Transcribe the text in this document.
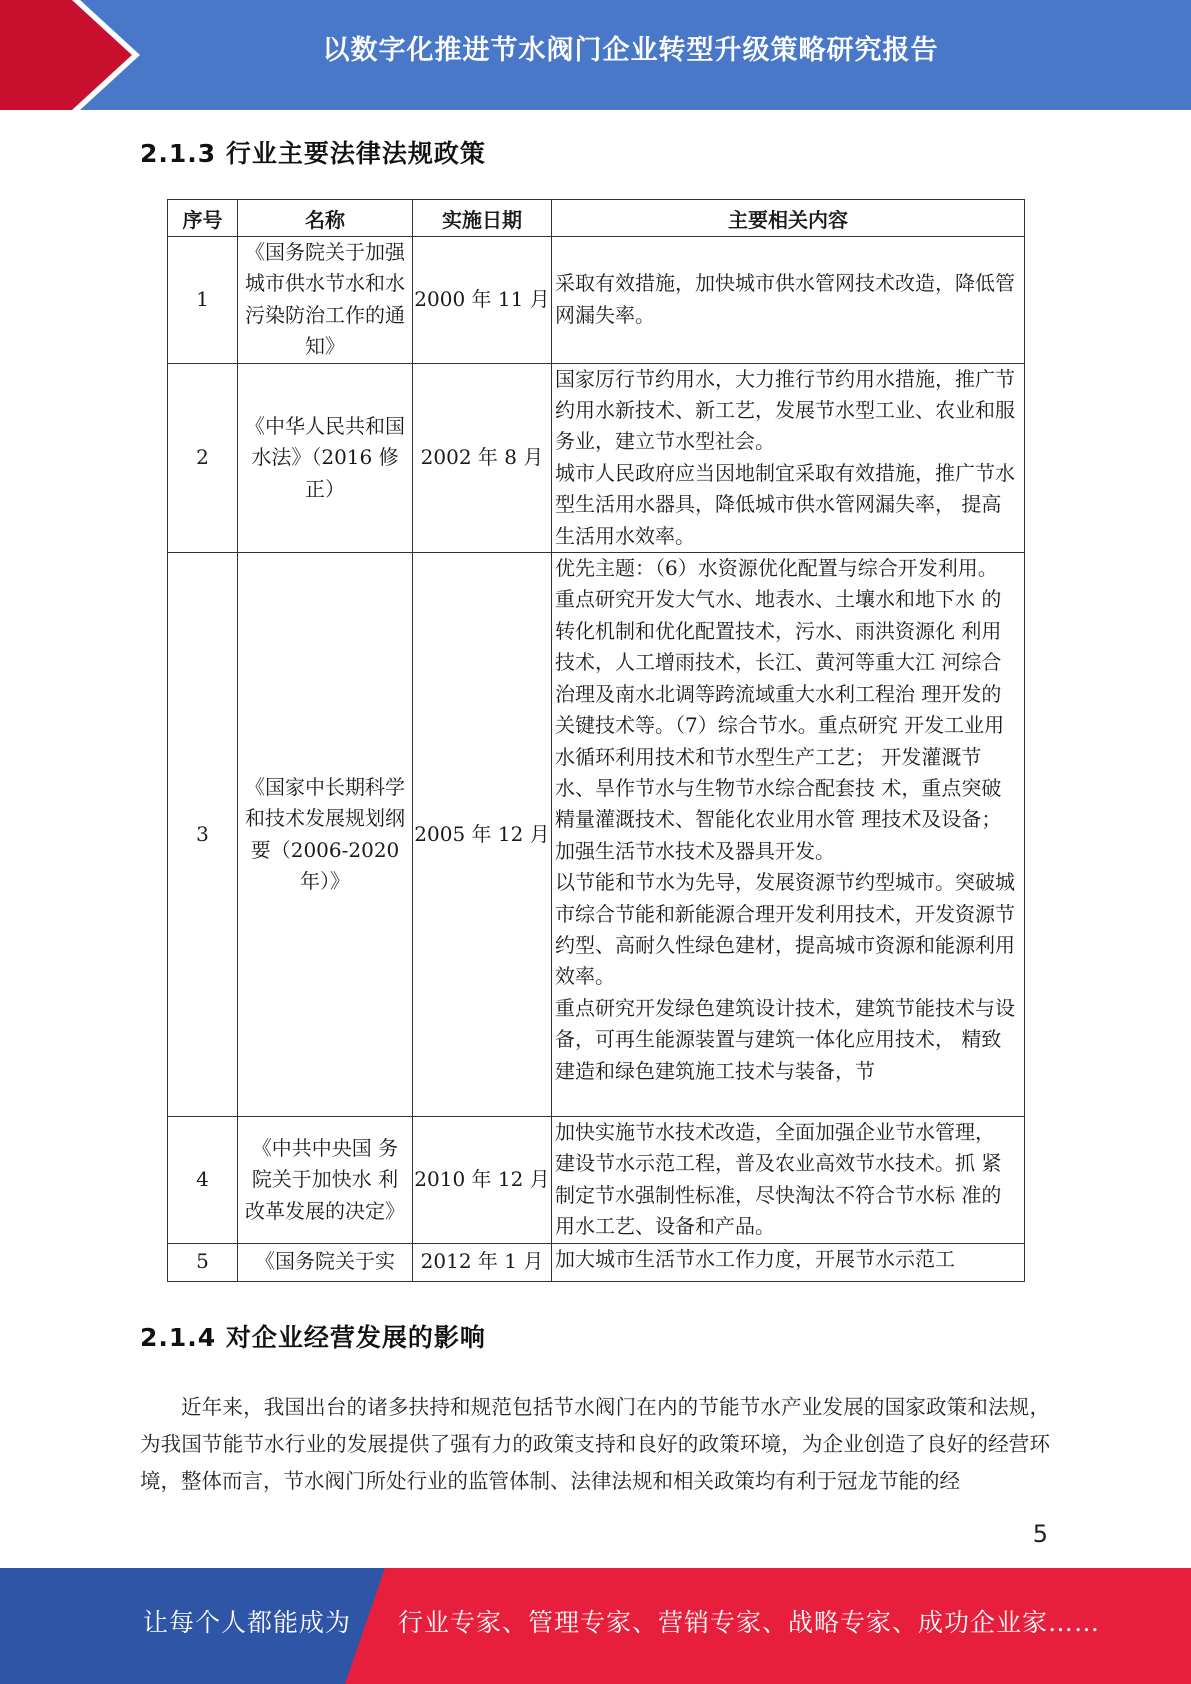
以数字化推进节水阀门企业转型升级策略研究报告
2.1.3 行业主要法律法规政策
序号	名称	实施日期	主要相关内容
1	《国务院关于加强城市供水节水和水污染防治工作的通知》	2000 年 11 月	采取有效措施，加快城市供水管网技术改造，降低管网漏失率。

2	《中华人民共和国水法》（2016 修正）	2002 年 8 月	国家厉行节约用水，大力推行节约用水措施，推广节约用水新技术、新工艺，发展节水型工业、农业和服务业，建立节水型社会。

城市人民政府应当因地制宜采取有效措施，推广节水型生活用水器具，降低城市供水管网漏失率， 提高生活用水效率。

3	《国家中长期科学和技术发展规划纲要（2006-2020 年）》	2005 年 12 月	优先主题：（6）水资源优化配置与综合开发利用。 重点研究开发大气水、地表水、土壤水和地下水 的转化机制和优化配置技术，污水、雨洪资源化 利用技术，人工增雨技术，长江、黄河等重大江 河综合治理及南水北调等跨流域重大水利工程治 理开发的关键技术等。（7）综合节水。重点研究 开发工业用水循环利用技术和节水型生产工艺； 开发灌溉节水、旱作节水与生物节水综合配套技 术，重点突破精量灌溉技术、智能化农业用水管 理技术及设备；加强生活节水技术及器具开发。

以节能和节水为先导，发展资源节约型城市。突破城市综合节能和新能源合理开发利用技术，开发资源节约型、高耐久性绿色建材，提高城市资源和能源利用效率。

重点研究开发绿色建筑设计技术，建筑节能技术与设备，可再生能源装置与建筑一体化应用技术， 精致建造和绿色建筑施工技术与装备，节

4	《中共中央国 务院关于加快水 利改革发展的决定》	2010 年 12 月	加快实施节水技术改造，全面加强企业节水管理， 建设节水示范工程，普及农业高效节水技术。抓 紧制定节水强制性标准，尽快淘汰不符合节水标 准的用水工艺、设备和产品。

5	《国务院关于实	2012 年 1 月	加大城市生活节水工作力度，开展节水示范工

2.1.4 对企业经营发展的影响
近年来，我国出台的诸多扶持和规范包括节水阀门在内的节能节水产业发展的国家政策和法规，为我国节能节水行业的发展提供了强有力的政策支持和良好的政策环境，为企业创造了良好的经营环境，整体而言，节水阀门所处行业的监管体制、法律法规和相关政策均有利于冠龙节能的经
5
让每个人都能成为 行业专家、管理专家、营销专家、战略专家、成功企业家……
